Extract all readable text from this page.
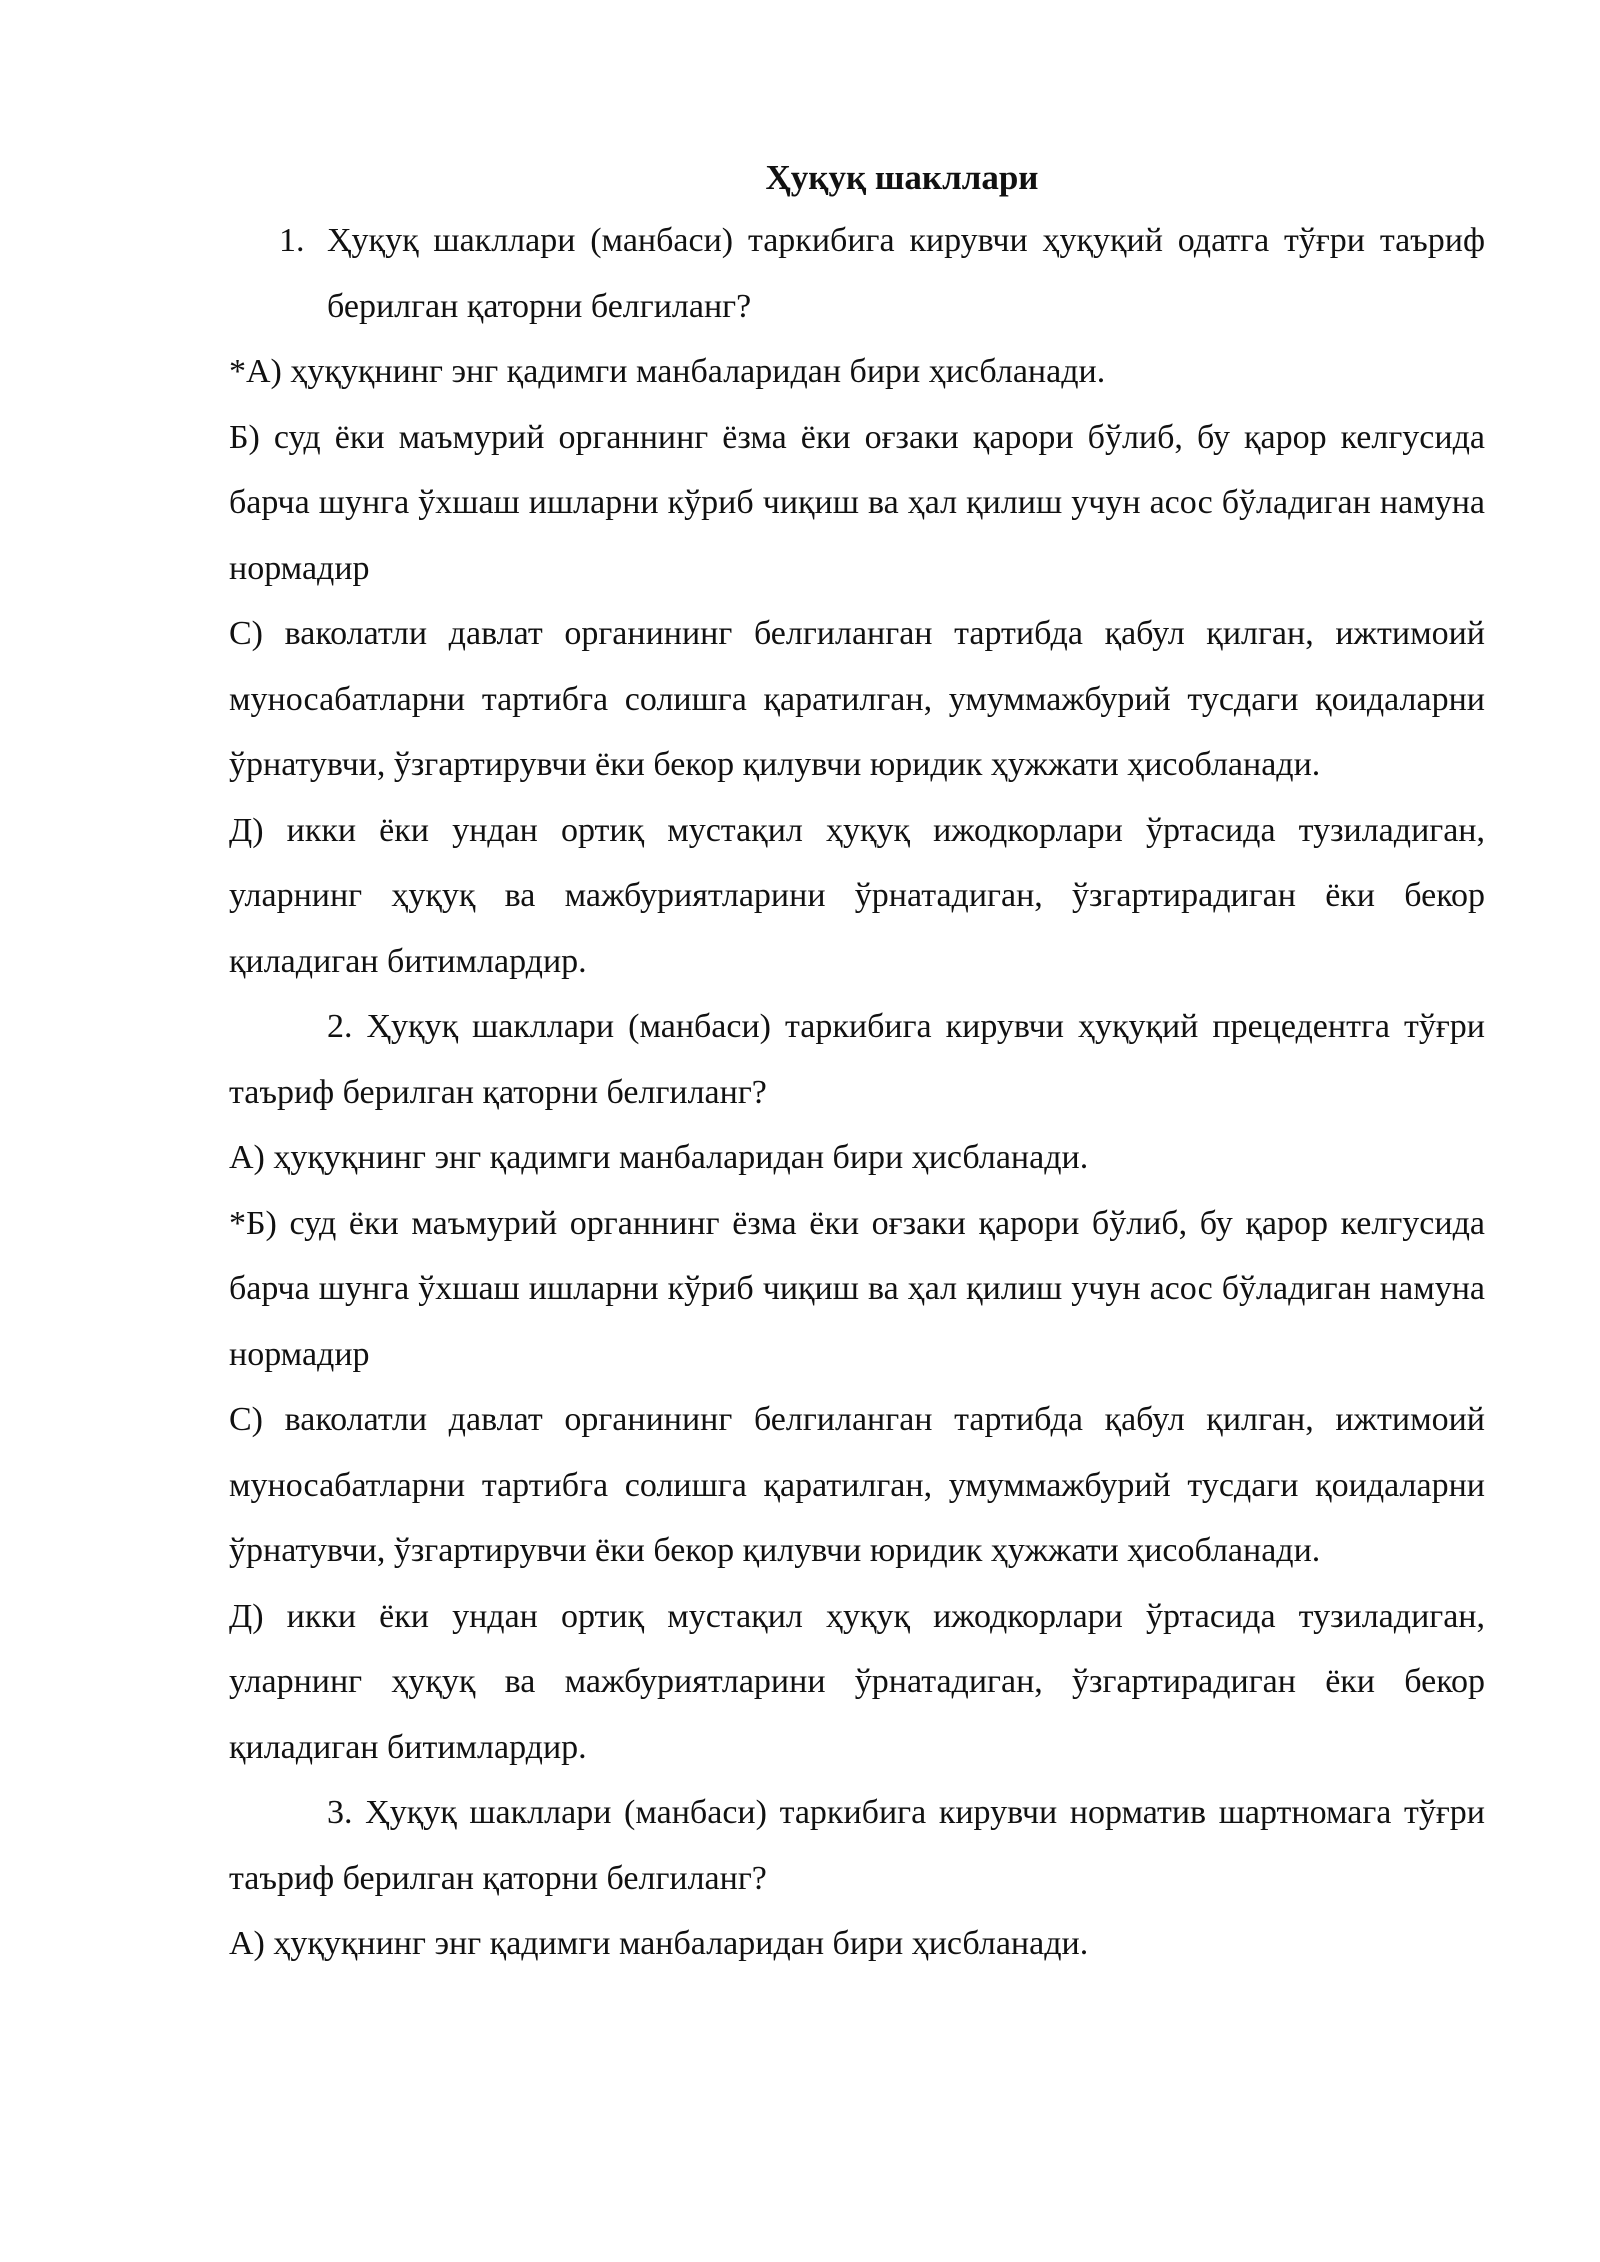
Ҳуқуқ шакллари

1. Ҳуқуқ шакллари (манбаси) таркибига кирувчи ҳуқуқий одатга тўғри таъриф берилган қаторни белгиланг?

*А) ҳуқуқнинг энг қадимги манбаларидан бири ҳисбланади.

Б) суд ёки маъмурий органнинг ёзма ёки оғзаки қарори бўлиб, бу қарор келгусида барча шунга ўхшаш ишларни кўриб чиқиш ва ҳал қилиш учун асос бўладиган намуна нормадир

С) ваколатли давлат органининг белгиланган тартибда қабул қилган, ижтимоий муносабатларни тартибга солишга қаратилган, умуммажбурий тусдаги қоидаларни ўрнатувчи, ўзгартирувчи ёки бекор қилувчи юридик ҳужжати ҳисобланади.

Д) икки ёки ундан ортиқ мустақил ҳуқуқ ижодкорлари ўртасида тузиладиган, уларнинг ҳуқуқ ва мажбуриятларини ўрнатадиган, ўзгартирадиган ёки бекор қиладиган битимлардир.

2. Ҳуқуқ шакллари (манбаси) таркибига кирувчи ҳуқуқий прецедентга тўғри таъриф берилган қаторни белгиланг?

А) ҳуқуқнинг энг қадимги манбаларидан бири ҳисбланади.

*Б) суд ёки маъмурий органнинг ёзма ёки оғзаки қарори бўлиб, бу қарор келгусида барча шунга ўхшаш ишларни кўриб чиқиш ва ҳал қилиш учун асос бўладиган намуна нормадир

С) ваколатли давлат органининг белгиланган тартибда қабул қилган, ижтимоий муносабатларни тартибга солишга қаратилган, умуммажбурий тусдаги қоидаларни ўрнатувчи, ўзгартирувчи ёки бекор қилувчи юридик ҳужжати ҳисобланади.

Д) икки ёки ундан ортиқ мустақил ҳуқуқ ижодкорлари ўртасида тузиладиган, уларнинг ҳуқуқ ва мажбуриятларини ўрнатадиган, ўзгартирадиган ёки бекор қиладиган битимлардир.

3. Ҳуқуқ шакллари (манбаси) таркибига кирувчи норматив шартномага тўғри таъриф берилган қаторни белгиланг?

А) ҳуқуқнинг энг қадимги манбаларидан бири ҳисбланади.
